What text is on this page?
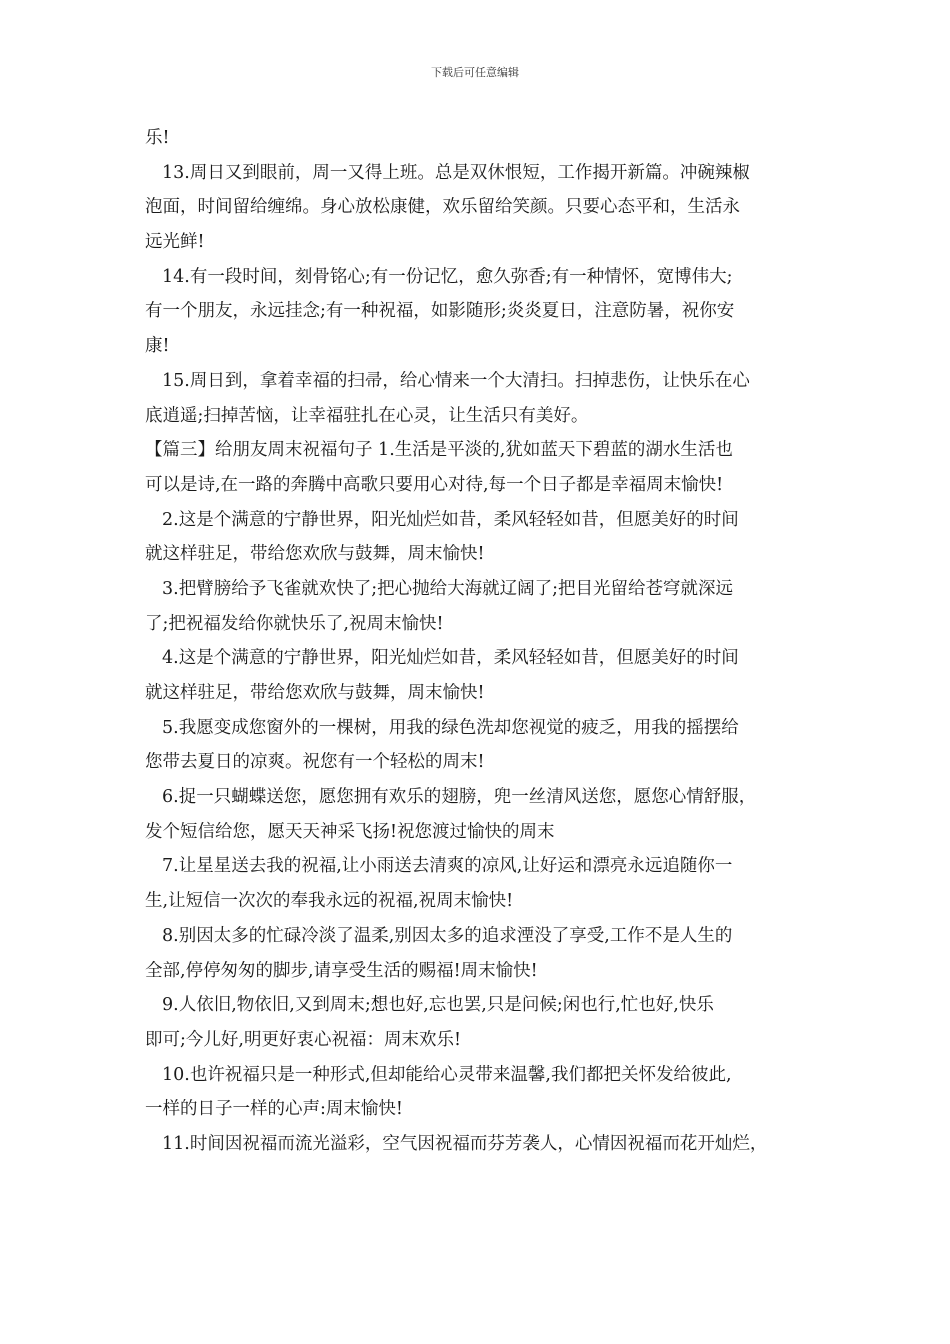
下载后可任意编辑
乐!
13.周日又到眼前，周一又得上班。总是双休恨短，工作揭开新篇。冲碗辣椒
泡面，时间留给缠绵。身心放松康健，欢乐留给笑颜。只要心态平和，生活永
远光鲜!
14.有一段时间，刻骨铭心;有一份记忆，愈久弥香;有一种情怀，宽博伟大;
有一个朋友，永远挂念;有一种祝福，如影随形;炎炎夏日，注意防暑，祝你安
康!
15.周日到，拿着幸福的扫帚，给心情来一个大清扫。扫掉悲伤，让快乐在心
底逍遥;扫掉苦恼，让幸福驻扎在心灵，让生活只有美好。
【篇三】给朋友周末祝福句子 1.生活是平淡的,犹如蓝天下碧蓝的湖水生活也
可以是诗,在一路的奔腾中高歌只要用心对待,每一个日子都是幸福周末愉快!
2.这是个满意的宁静世界，阳光灿烂如昔，柔风轻轻如昔，但愿美好的时间
就这样驻足，带给您欢欣与鼓舞，周末愉快!
3.把臂膀给予飞雀就欢快了;把心抛给大海就辽阔了;把目光留给苍穹就深远
了;把祝福发给你就快乐了,祝周末愉快!
4.这是个满意的宁静世界，阳光灿烂如昔，柔风轻轻如昔，但愿美好的时间
就这样驻足，带给您欢欣与鼓舞，周末愉快!
5.我愿变成您窗外的一棵树，用我的绿色洗却您视觉的疲乏，用我的摇摆给
您带去夏日的凉爽。祝您有一个轻松的周末!
6.捉一只蝴蝶送您，愿您拥有欢乐的翅膀，兜一丝清风送您，愿您心情舒服，
发个短信给您，愿天天神采飞扬!祝您渡过愉快的周末
7.让星星送去我的祝福,让小雨送去清爽的凉风,让好运和漂亮永远追随你一
生,让短信一次次的奉我永远的祝福,祝周末愉快!
8.别因太多的忙碌冷淡了温柔,别因太多的追求湮没了享受,工作不是人生的
全部,停停匆匆的脚步,请享受生活的赐福!周末愉快!
9.人依旧,物依旧,又到周末;想也好,忘也罢,只是问候;闲也行,忙也好,快乐
即可;今儿好,明更好衷心祝福：周末欢乐!
10.也许祝福只是一种形式,但却能给心灵带来温馨,我们都把关怀发给彼此,
一样的日子一样的心声:周末愉快!
11.时间因祝福而流光溢彩，空气因祝福而芬芳袭人，心情因祝福而花开灿烂，
